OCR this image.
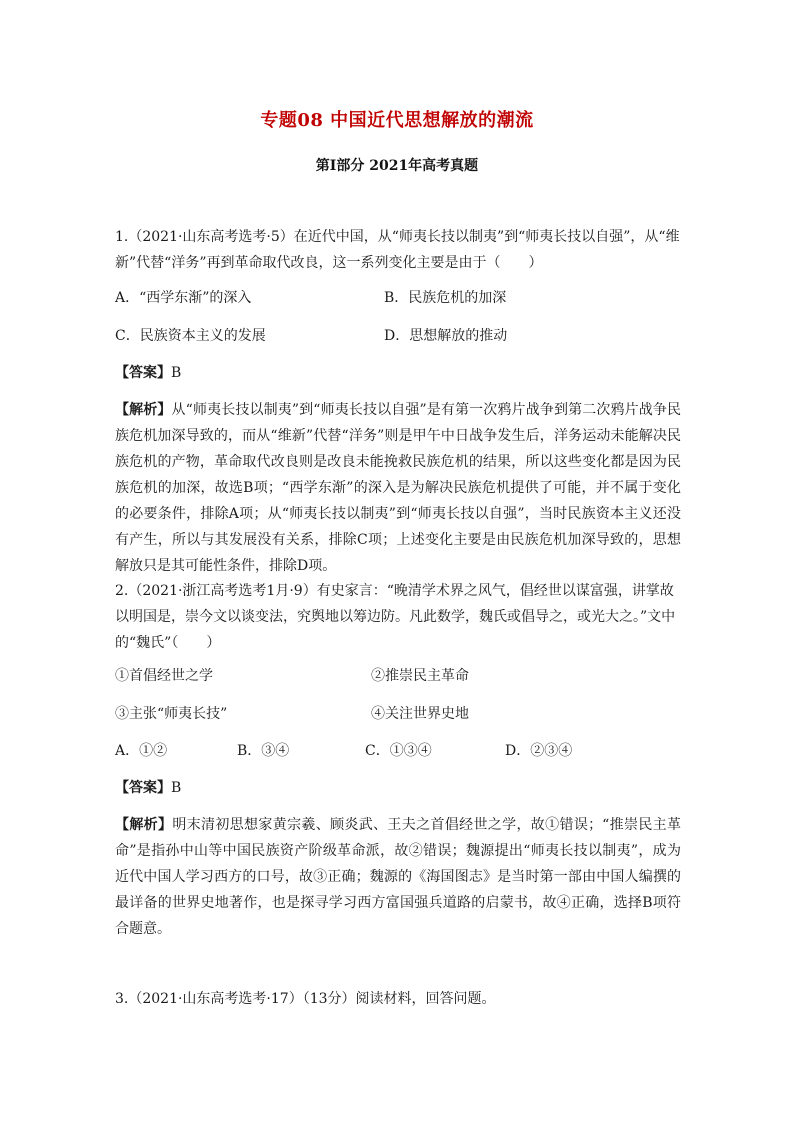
专题08 中国近代思想解放的潮流
第Ⅰ部分 2021年高考真题

1.（2021·山东高考选考·5）在近代中国，从“师夷长技以制夷”到“师夷长技以自强”，从“维新”代替“洋务”再到革命取代改良，这一系列变化主要是由于（　　）

A．“西学东渐”的深入	B．民族危机的加深
C．民族资本主义的发展	D．思想解放的推动
【答案】B

【解析】从“师夷长技以制夷”到“师夷长技以自强”是有第一次鸦片战争到第二次鸦片战争民族危机加深导致的，而从“维新”代替“洋务”则是甲午中日战争发生后，洋务运动未能解决民族危机的产物，革命取代改良则是改良未能挽救民族危机的结果，所以这些变化都是因为民族危机的加深，故选B项；“西学东渐”的深入是为解决民族危机提供了可能，并不属于变化的必要条件，排除A项；从“师夷长技以制夷”到“师夷长技以自强”，当时民族资本主义还没有产生，所以与其发展没有关系，排除C项；上述变化主要是由民族危机加深导致的，思想解放只是其可能性条件，排除D项。

2.（2021·浙江高考选考1月·9）有史家言：“晚清学术界之风气，倡经世以谋富强，讲掌故以明国是，崇今文以谈变法，究舆地以筹边防。凡此数学，魏氏或倡导之，或光大之。”文中的“魏氏”（　　）

①首倡经世之学	②推崇民主革命
③主张“师夷长技”	④关注世界史地
A．①②	B．③④	C．①③④	D．②③④
【答案】B

【解析】明末清初思想家黄宗羲、顾炎武、王夫之首倡经世之学，故①错误；“推崇民主革命”是指孙中山等中国民族资产阶级革命派，故②错误；魏源提出“师夷长技以制夷”，成为近代中国人学习西方的口号，故③正确；魏源的《海国图志》是当时第一部由中国人编撰的最详备的世界史地著作，也是探寻学习西方富国强兵道路的启蒙书，故④正确，选择B项符合题意。

3.（2021·山东高考选考·17）（13分）阅读材料，回答问题。
